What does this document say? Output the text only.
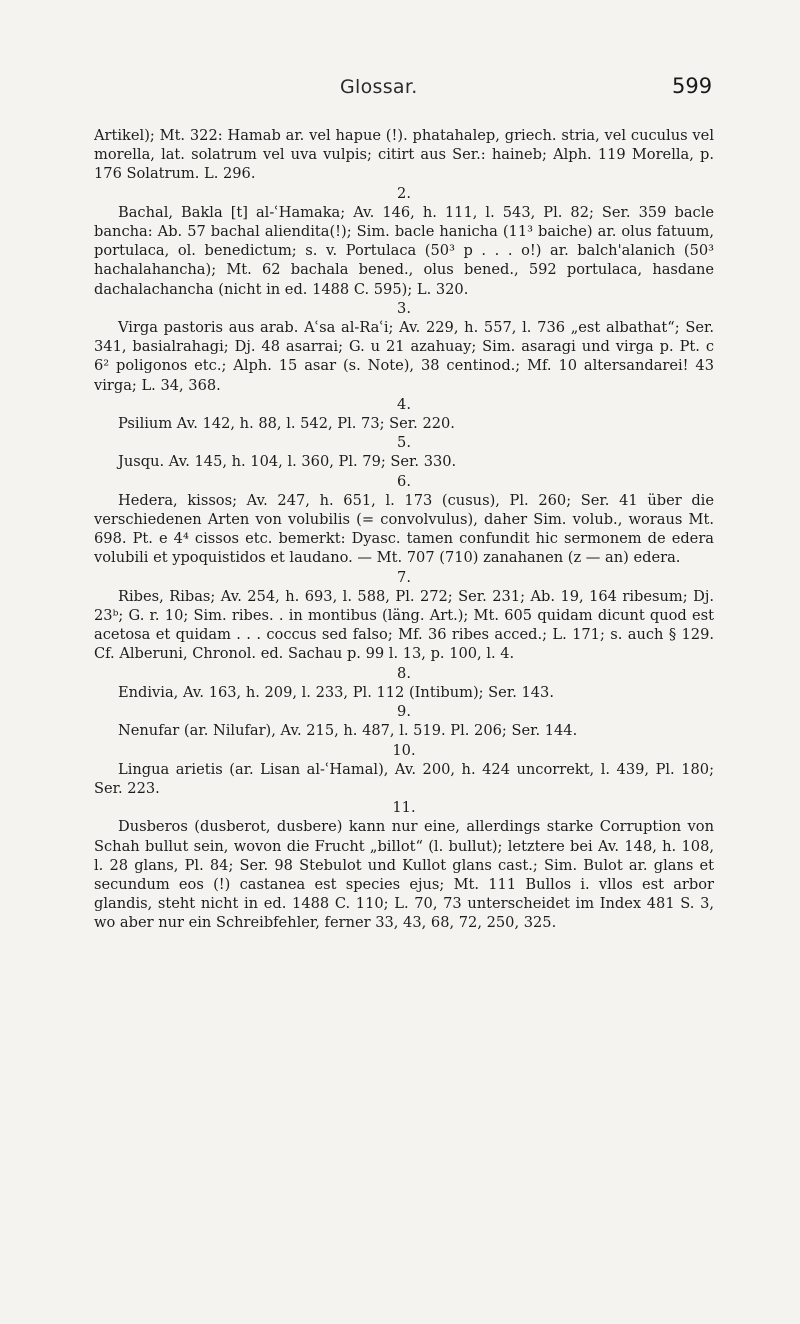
Glossar.	599

Artikel); Mt. 322: Hamab ar. vel hapue (!). phatahalep, griech. stria, vel cuculus vel morella, lat. solatrum vel uva vulpis; citirt aus Ser.: haineb; Alph. 119 Morella, p. 176 Solatrum. L. 296.

2.

Bachal, Bakla [t] al-ʿHamaka; Av. 146, h. 111, l. 543, Pl. 82; Ser. 359 bacle bancha: Ab. 57 bachal aliendita(!); Sim. bacle hanicha (11³ baiche) ar. olus fatuum, portulaca, ol. benedictum; s. v. Portulaca (50³ p . . . o!) ar. balch'alanich (50³ hachalahancha); Mt. 62 bachala bened., olus bened., 592 portulaca, hasdane dachalachancha (nicht in ed. 1488 C. 595); L. 320.

3.

Virga pastoris aus arab. Aʿsa al-Raʿi; Av. 229, h. 557, l. 736 „est albathat“; Ser. 341, basialrahagi; Dj. 48 asarrai; G. u 21 azahuay; Sim. asaragi und virga p. Pt. c 6² poligonos etc.; Alph. 15 asar (s. Note), 38 centinod.; Mf. 10 altersandarei! 43 virga; L. 34, 368.

4.

Psilium Av. 142, h. 88, l. 542, Pl. 73; Ser. 220.

5.

Jusqu. Av. 145, h. 104, l. 360, Pl. 79; Ser. 330.

6.

Hedera, kissos; Av. 247, h. 651, l. 173 (cusus), Pl. 260; Ser. 41 über die verschiedenen Arten von volubilis (= convolvulus), daher Sim. volub., woraus Mt. 698. Pt. e 4⁴ cissos etc. bemerkt: Dyasc. tamen confundit hic sermonem de edera volubili et ypoquistidos et laudano. — Mt. 707 (710) zanahanen (z — an) edera.

7.

Ribes, Ribas; Av. 254, h. 693, l. 588, Pl. 272; Ser. 231; Ab. 19, 164 ribesum; Dj. 23ᵇ; G. r. 10; Sim. ribes. . in montibus (läng. Art.); Mt. 605 quidam dicunt quod est acetosa et quidam . . . coccus sed falso; Mf. 36 ribes acced.; L. 171; s. auch § 129. Cf. Alberuni, Chronol. ed. Sachau p. 99 l. 13, p. 100, l. 4.

8.

Endivia, Av. 163, h. 209, l. 233, Pl. 112 (Intibum); Ser. 143.

9.

Nenufar (ar. Nilufar), Av. 215, h. 487, l. 519. Pl. 206; Ser. 144.

10.

Lingua arietis (ar. Lisan al-ʿHamal), Av. 200, h. 424 uncorrekt, l. 439, Pl. 180; Ser. 223.

11.

Dusberos (dusberot, dusbere) kann nur eine, allerdings starke Corruption von Schah bullut sein, wovon die Frucht „billot“ (l. bullut); letztere bei Av. 148, h. 108, l. 28 glans, Pl. 84; Ser. 98 Stebulot und Kullot glans cast.; Sim. Bulot ar. glans et secundum eos (!) castanea est species ejus; Mt. 111 Bullos i. vllos est arbor glandis, steht nicht in ed. 1488 C. 110; L. 70, 73 unterscheidet im Index 481 S. 3, wo aber nur ein Schreibfehler, ferner 33, 43, 68, 72, 250, 325.
